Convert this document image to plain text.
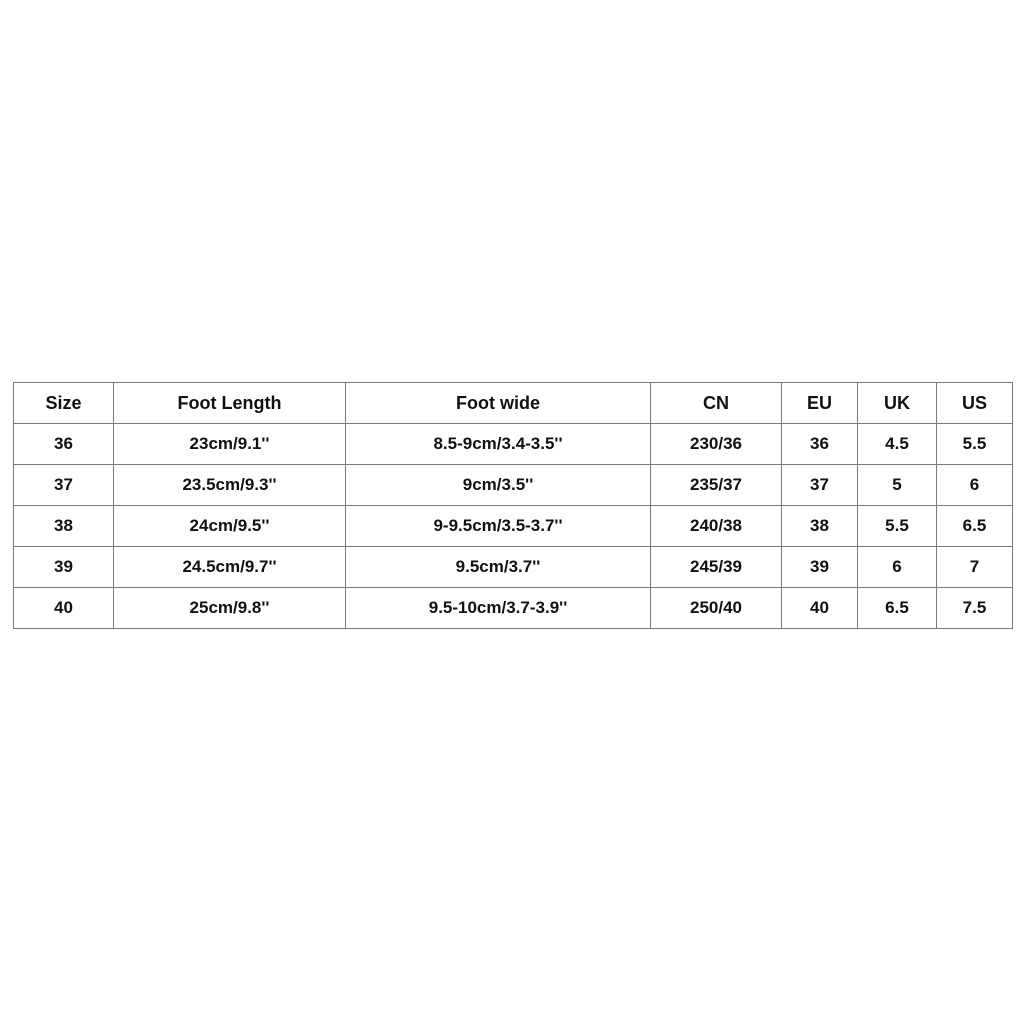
Size	Foot Length	Foot wide	CN	EU	UK	US
36	23cm/9.1''	8.5-9cm/3.4-3.5''	230/36	36	4.5	5.5
37	23.5cm/9.3''	9cm/3.5''	235/37	37	5	6
38	24cm/9.5''	9-9.5cm/3.5-3.7''	240/38	38	5.5	6.5
39	24.5cm/9.7''	9.5cm/3.7''	245/39	39	6	7
40	25cm/9.8''	9.5-10cm/3.7-3.9''	250/40	40	6.5	7.5
